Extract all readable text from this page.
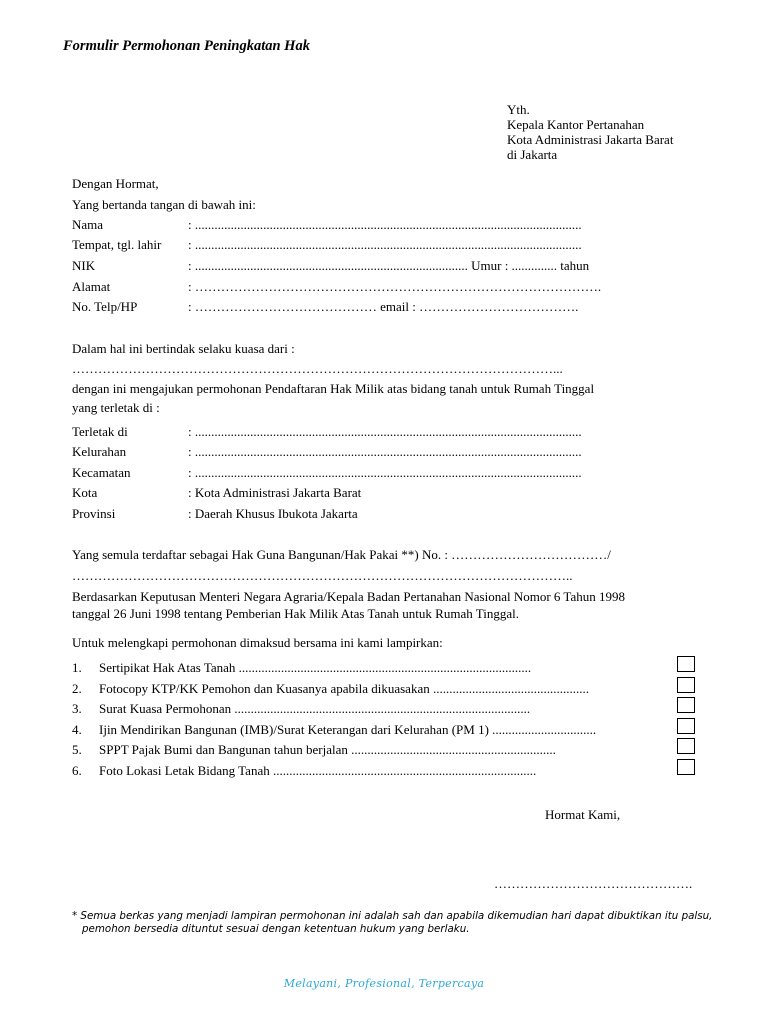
Formulir Permohonan Peningkatan Hak
Yth.
Kepala Kantor Pertanahan
Kota Administrasi Jakarta Barat
di Jakarta
Dengan Hormat,
Yang bertanda tangan di bawah ini:
Nama	: .......................................................................................................................
Tempat, tgl. lahir : .......................................................................................................................
NIK	: .................................................................................... Umur : .............. tahun
Alamat	: ………………………………………………………………………………….
No. Telp/HP	: …………………………………… email : ……………………………….
Dalam hal ini bertindak selaku kuasa dari :
…………………………………………………………………………………………………...
dengan ini mengajukan permohonan Pendaftaran Hak Milik atas bidang tanah untuk Rumah Tinggal
yang terletak di :
Terletak di	: .......................................................................................................................
Kelurahan	: .......................................................................................................................
Kecamatan	: .......................................................................................................................
Kota	: Kota Administrasi Jakarta Barat
Provinsi	: Daerah Khusus Ibukota Jakarta
Yang semula terdaftar sebagai Hak Guna Bangunan/Hak Pakai **) No. : ………………………………/
……………………………………………………………………………………………………..
Berdasarkan Keputusan Menteri Negara Agraria/Kepala Badan Pertanahan Nasional Nomor 6 Tahun 1998
tanggal 26 Juni 1998 tentang Pemberian Hak Milik Atas Tanah untuk Rumah Tinggal.
Untuk melengkapi permohonan dimaksud bersama ini kami lampirkan:
1. Sertipikat Hak Atas Tanah ..........................................................................................
2. Fotocopy KTP/KK Pemohon dan Kuasanya apabila dikuasakan ................................................
3. Surat Kuasa Permohonan ...........................................................................................
4. Ijin Mendirikan Bangunan (IMB)/Surat Keterangan dari Kelurahan (PM 1) ................................
5. SPPT Pajak Bumi dan Bangunan tahun berjalan ...............................................................
6. Foto Lokasi Letak Bidang Tanah .................................................................................
Hormat Kami,
……………………………………….
* Semua berkas yang menjadi lampiran permohonan ini adalah sah dan apabila dikemudian hari dapat dibuktikan itu palsu,
pemohon bersedia dituntut sesuai dengan ketentuan hukum yang berlaku.
Melayani, Profesional, Terpercaya
